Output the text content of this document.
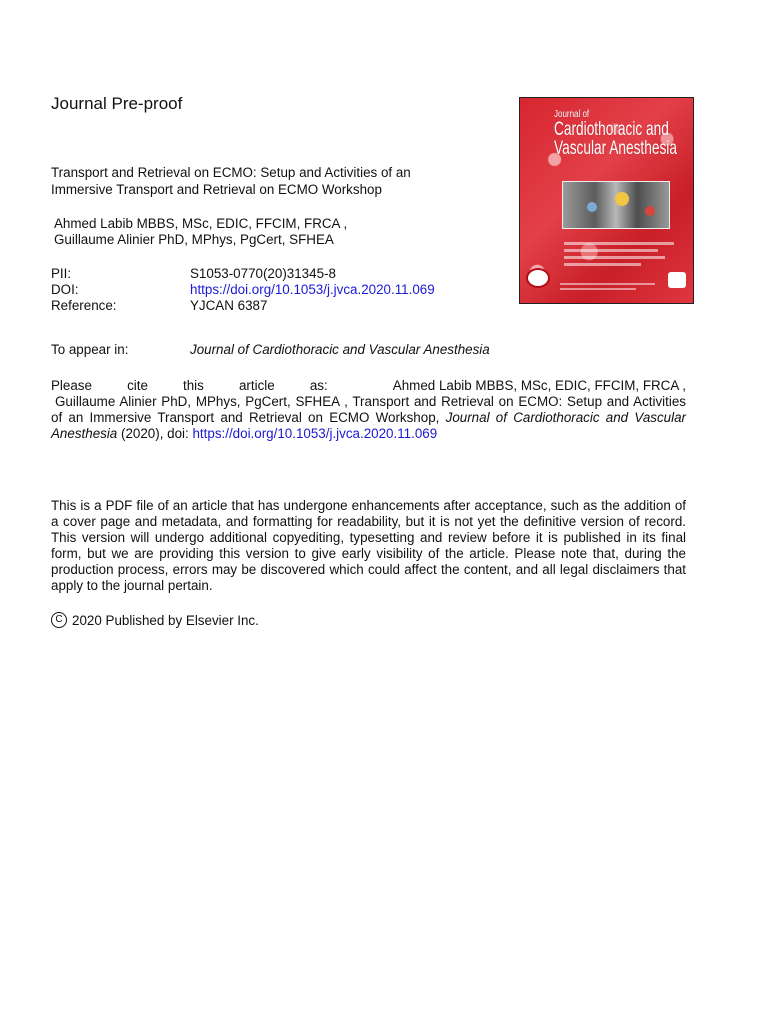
Journal Pre-proof
Journal of
Cardiothoracic and
Vascular Anesthesia
Transport and Retrieval on ECMO: Setup and Activities of an Immersive Transport and Retrieval on ECMO Workshop
Ahmed Labib MBBS, MSc, EDIC, FFCIM, FRCA ,
Guillaume Alinier PhD, MPhys, PgCert, SFHEA
PII:	S1053-0770(20)31345-8
DOI:	https://doi.org/10.1053/j.jvca.2020.11.069
Reference:	YJCAN 6387
To appear in:	Journal of Cardiothoracic and Vascular Anesthesia
Please	cite	this	article	as:	Ahmed Labib MBBS, MSc, EDIC, FFCIM, FRCA ,
Guillaume Alinier PhD, MPhys, PgCert, SFHEA , Transport and Retrieval on ECMO: Setup and Activities of an Immersive Transport and Retrieval on ECMO Workshop, Journal of Cardiothoracic and Vascular Anesthesia (2020), doi: https://doi.org/10.1053/j.jvca.2020.11.069
This is a PDF file of an article that has undergone enhancements after acceptance, such as the addition of a cover page and metadata, and formatting for readability, but it is not yet the definitive version of record. This version will undergo additional copyediting, typesetting and review before it is published in its final form, but we are providing this version to give early visibility of the article. Please note that, during the production process, errors may be discovered which could affect the content, and all legal disclaimers that apply to the journal pertain.
C 2020 Published by Elsevier Inc.
